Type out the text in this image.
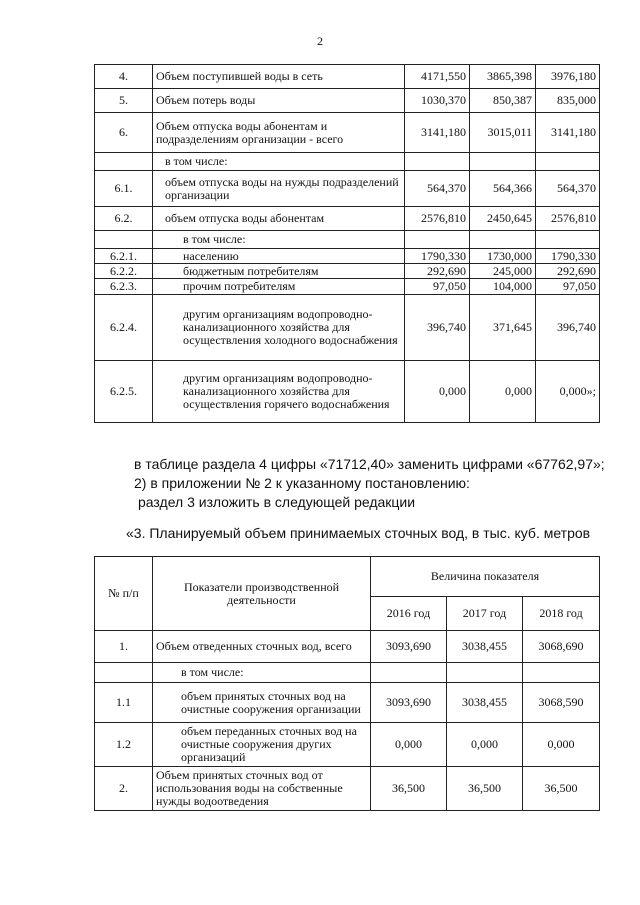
2
4.	Объем поступившей воды в сеть	4171,550	3865,398	3976,180
5.	Объем потерь воды	1030,370	850,387	835,000
6.	Объем отпуска воды абонентам и подразделениям организации - всего	3141,180	3015,011	3141,180
	в том числе:			
6.1.	объем отпуска воды на нужды подразделений организации	564,370	564,366	564,370
6.2.	объем отпуска воды абонентам	2576,810	2450,645	2576,810
	в том числе:			
6.2.1.	населению	1790,330	1730,000	1790,330
6.2.2.	бюджетным потребителям	292,690	245,000	292,690
6.2.3.	прочим потребителям	97,050	104,000	97,050
6.2.4.	другим организациям водопроводно-канализационного хозяйства для осуществления холодного водоснабжения	396,740	371,645	396,740
6.2.5.	другим организациям водопроводно-канализационного хозяйства для осуществления горячего водоснабжения	0,000	0,000	0,000»;
в таблице раздела 4 цифры «71712,40» заменить цифрами «67762,97»;
2) в приложении № 2 к указанному постановлению:
раздел 3 изложить в следующей редакции
«3. Планируемый объем принимаемых сточных вод, в тыс. куб. метров
№ п/п	Показатели производственной деятельности	Величина показателя		
		2016 год	2017 год	2018 год
1.	Объем отведенных сточных вод, всего	3093,690	3038,455	3068,690
	в том числе:			
1.1	объем принятых сточных вод на очистные сооружения организации	3093,690	3038,455	3068,590
1.2	объем переданных сточных вод на очистные сооружения других организаций	0,000	0,000	0,000
2.	Объем принятых сточных вод от использования воды на собственные нужды водоотведения	36,500	36,500	36,500
